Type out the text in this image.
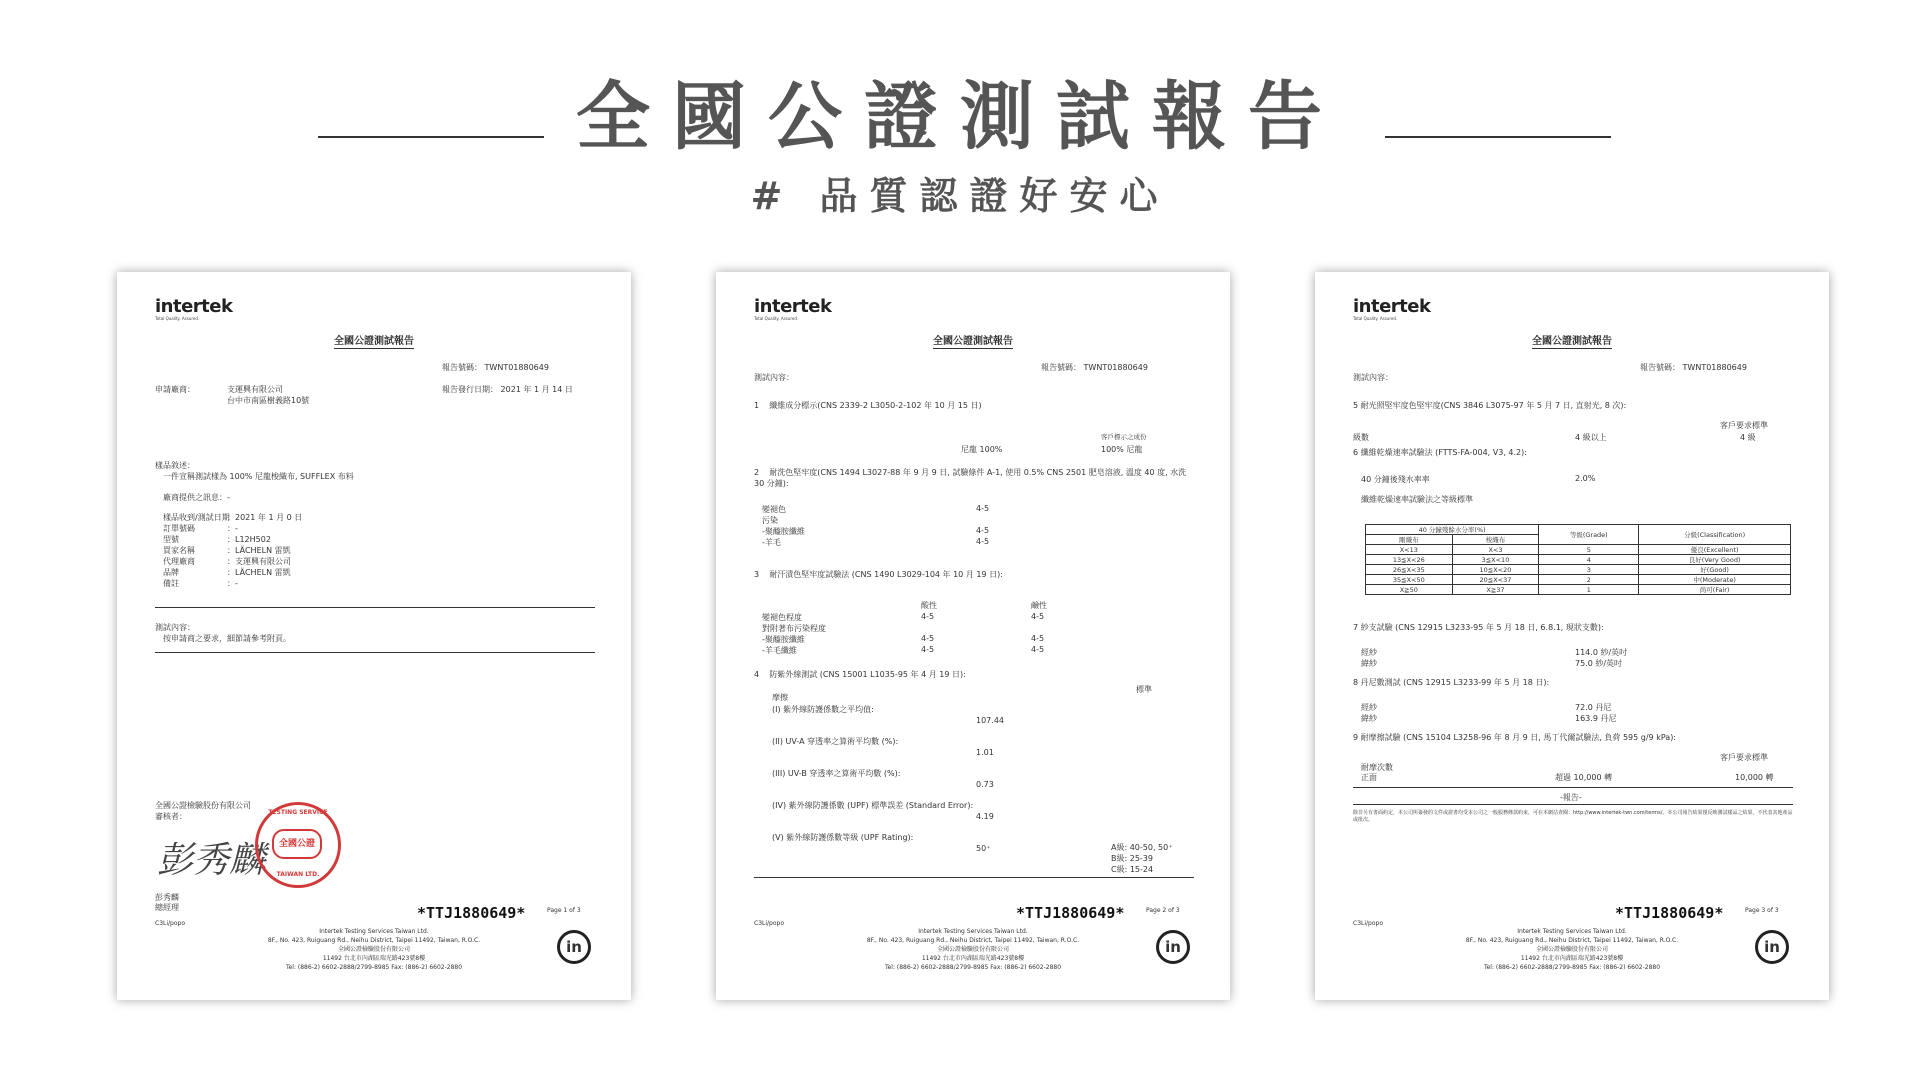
全國公證測試報告
# 品質認證好安心
intertek
Total Quality. Assured.
全國公證測試報告
報告號碼： TWNT01880649
申請廠商：	支運興有限公司
台中市南區樹義路10號
報告發行日期： 2021 年 1 月 14 日
樣品敘述：
一件宣稱測試樣為 100% 尼龍梭織布, SUFFLEX 布料
廠商提供之訊息：-
樣品收到/測試日期
：2021 年 1 月 0 日
訂單號碼	：-
型號	：L12H502
買家名稱	：LÄCHELN 雷凱
代理廠商	：支運興有限公司
品牌	：LÄCHELN 雷凱
備註	：-
測試內容：
按申請商之要求，細節請參考附頁。
全國公證檢驗股份有限公司
審核者：
彭秀麟
TESTING SERVICE
全國公證
TAIWAN LTD.
彭秀麟
總經理	*TTJ1880649*	Page 1 of 3
C3Li/popo
Intertek Testing Services Taiwan Ltd.
8F., No. 423, Ruiguang Rd., Neihu District, Taipei 11492, Taiwan, R.O.C.
全國公證檢驗股份有限公司
11492 台北市內湖區瑞光路423號8樓
Tel: (886-2) 6602-2888/2799-8985 Fax: (886-2) 6602-2880
in
intertek
Total Quality. Assured.
全國公證測試報告
報告號碼： TWNT01880649
測試內容：
1 纖維成分標示(CNS 2339-2 L3050-2-102 年 10 月 15 日)
客戶標示之成份
尼龍 100%	100% 尼龍
2 耐洗色堅牢度(CNS 1494 L3027-88 年 9 月 9 日, 試驗條件 A-1, 使用 0.5% CNS 2501 肥皂溶液, 溫度 40 度, 水洗 30 分鐘):
變褪色	4-5
污染
-聚醯胺纖維	4-5
-羊毛	4-5
3 耐汗漬色堅牢度試驗法 (CNS 1490 L3029-104 年 10 月 19 日):
酸性	鹼性
變褪色程度	4-5	4-5
對附著布污染程度
-聚醯胺纖維	4-5	4-5
-羊毛纖維	4-5	4-5
4 防紫外線測試 (CNS 15001 L1035-95 年 4 月 19 日):
標準
摩擦
(I) 紫外線防護係數之平均值:
107.44
(II) UV-A 穿透率之算術平均數 (%):
1.01
(III) UV-B 穿透率之算術平均數 (%):
0.73
(IV) 紫外線防護係數 (UPF) 標準誤差 (Standard Error):
4.19
(V) 紫外線防護係數等級 (UPF Rating):
50⁺	A級: 40-50, 50⁺
B級: 25-39
C級: 15-24
*TTJ1880649*	Page 2 of 3
C3Li/popo
Intertek Testing Services Taiwan Ltd.
8F., No. 423, Ruiguang Rd., Neihu District, Taipei 11492, Taiwan, R.O.C.
全國公證檢驗股份有限公司
11492 台北市內湖區瑞光路423號8樓
Tel: (886-2) 6602-2888/2799-8985 Fax: (886-2) 6602-2880
in
intertek
Total Quality. Assured.
全國公證測試報告
報告號碼： TWNT01880649
測試內容：
5 耐光照堅牢度色堅牢度(CNS 3846 L3075-97 年 5 月 7 日, 直射光, 8 次):
客戶要求標準
級數	4 級以上	4 級
6 纖維乾燥速率試驗法 (FTTS-FA-004, V3, 4.2):
40 分鐘後殘水率率	2.0%
纖維乾燥速率試驗法之等級標準
40 分鐘殘餘水分率(%)		等級(Grade)	分級(Classification)
剛織布	梭織布		
X<13	X<3	5	優良(Excellent)
13≦X<26	3≦X<10	4	良好(Very Good)
26≦X<35	10≦X<20	3	好(Good)
35≦X<50	20≦X<37	2	中(Moderate)
X≧50	X≧37	1	尚可(Fair)
7 紗支試驗 (CNS 12915 L3233-95 年 5 月 18 日, 6.8.1, 現狀支數):
經紗	114.0 紗/英吋
緯紗	75.0 紗/英吋
8 丹尼數測試 (CNS 12915 L3233-99 年 5 月 18 日):
經紗	72.0 丹尼
緯紗	163.9 丹尼
9 耐摩擦試驗 (CNS 15104 L3258-96 年 8 月 9 日, 馬丁代爾試驗法, 負荷 595 g/9 kPa):
客戶要求標準
耐摩次數
正面	超過 10,000 轉	10,000 轉
-報告-
除非另有書面約定，本公司所簽發的文件或證書均受本公司之一般服務條款約束，可在本網站查閱：http://www.intertek-twn.com/terms/。本公司報告結果僅反映測試樣品之結果，不代表其他產品或批次。
*TTJ1880649*	Page 3 of 3
C3Li/popo
Intertek Testing Services Taiwan Ltd.
8F., No. 423, Ruiguang Rd., Neihu District, Taipei 11492, Taiwan, R.O.C.
全國公證檢驗股份有限公司
11492 台北市內湖區瑞光路423號8樓
Tel: (886-2) 6602-2888/2799-8985 Fax: (886-2) 6602-2880
in
